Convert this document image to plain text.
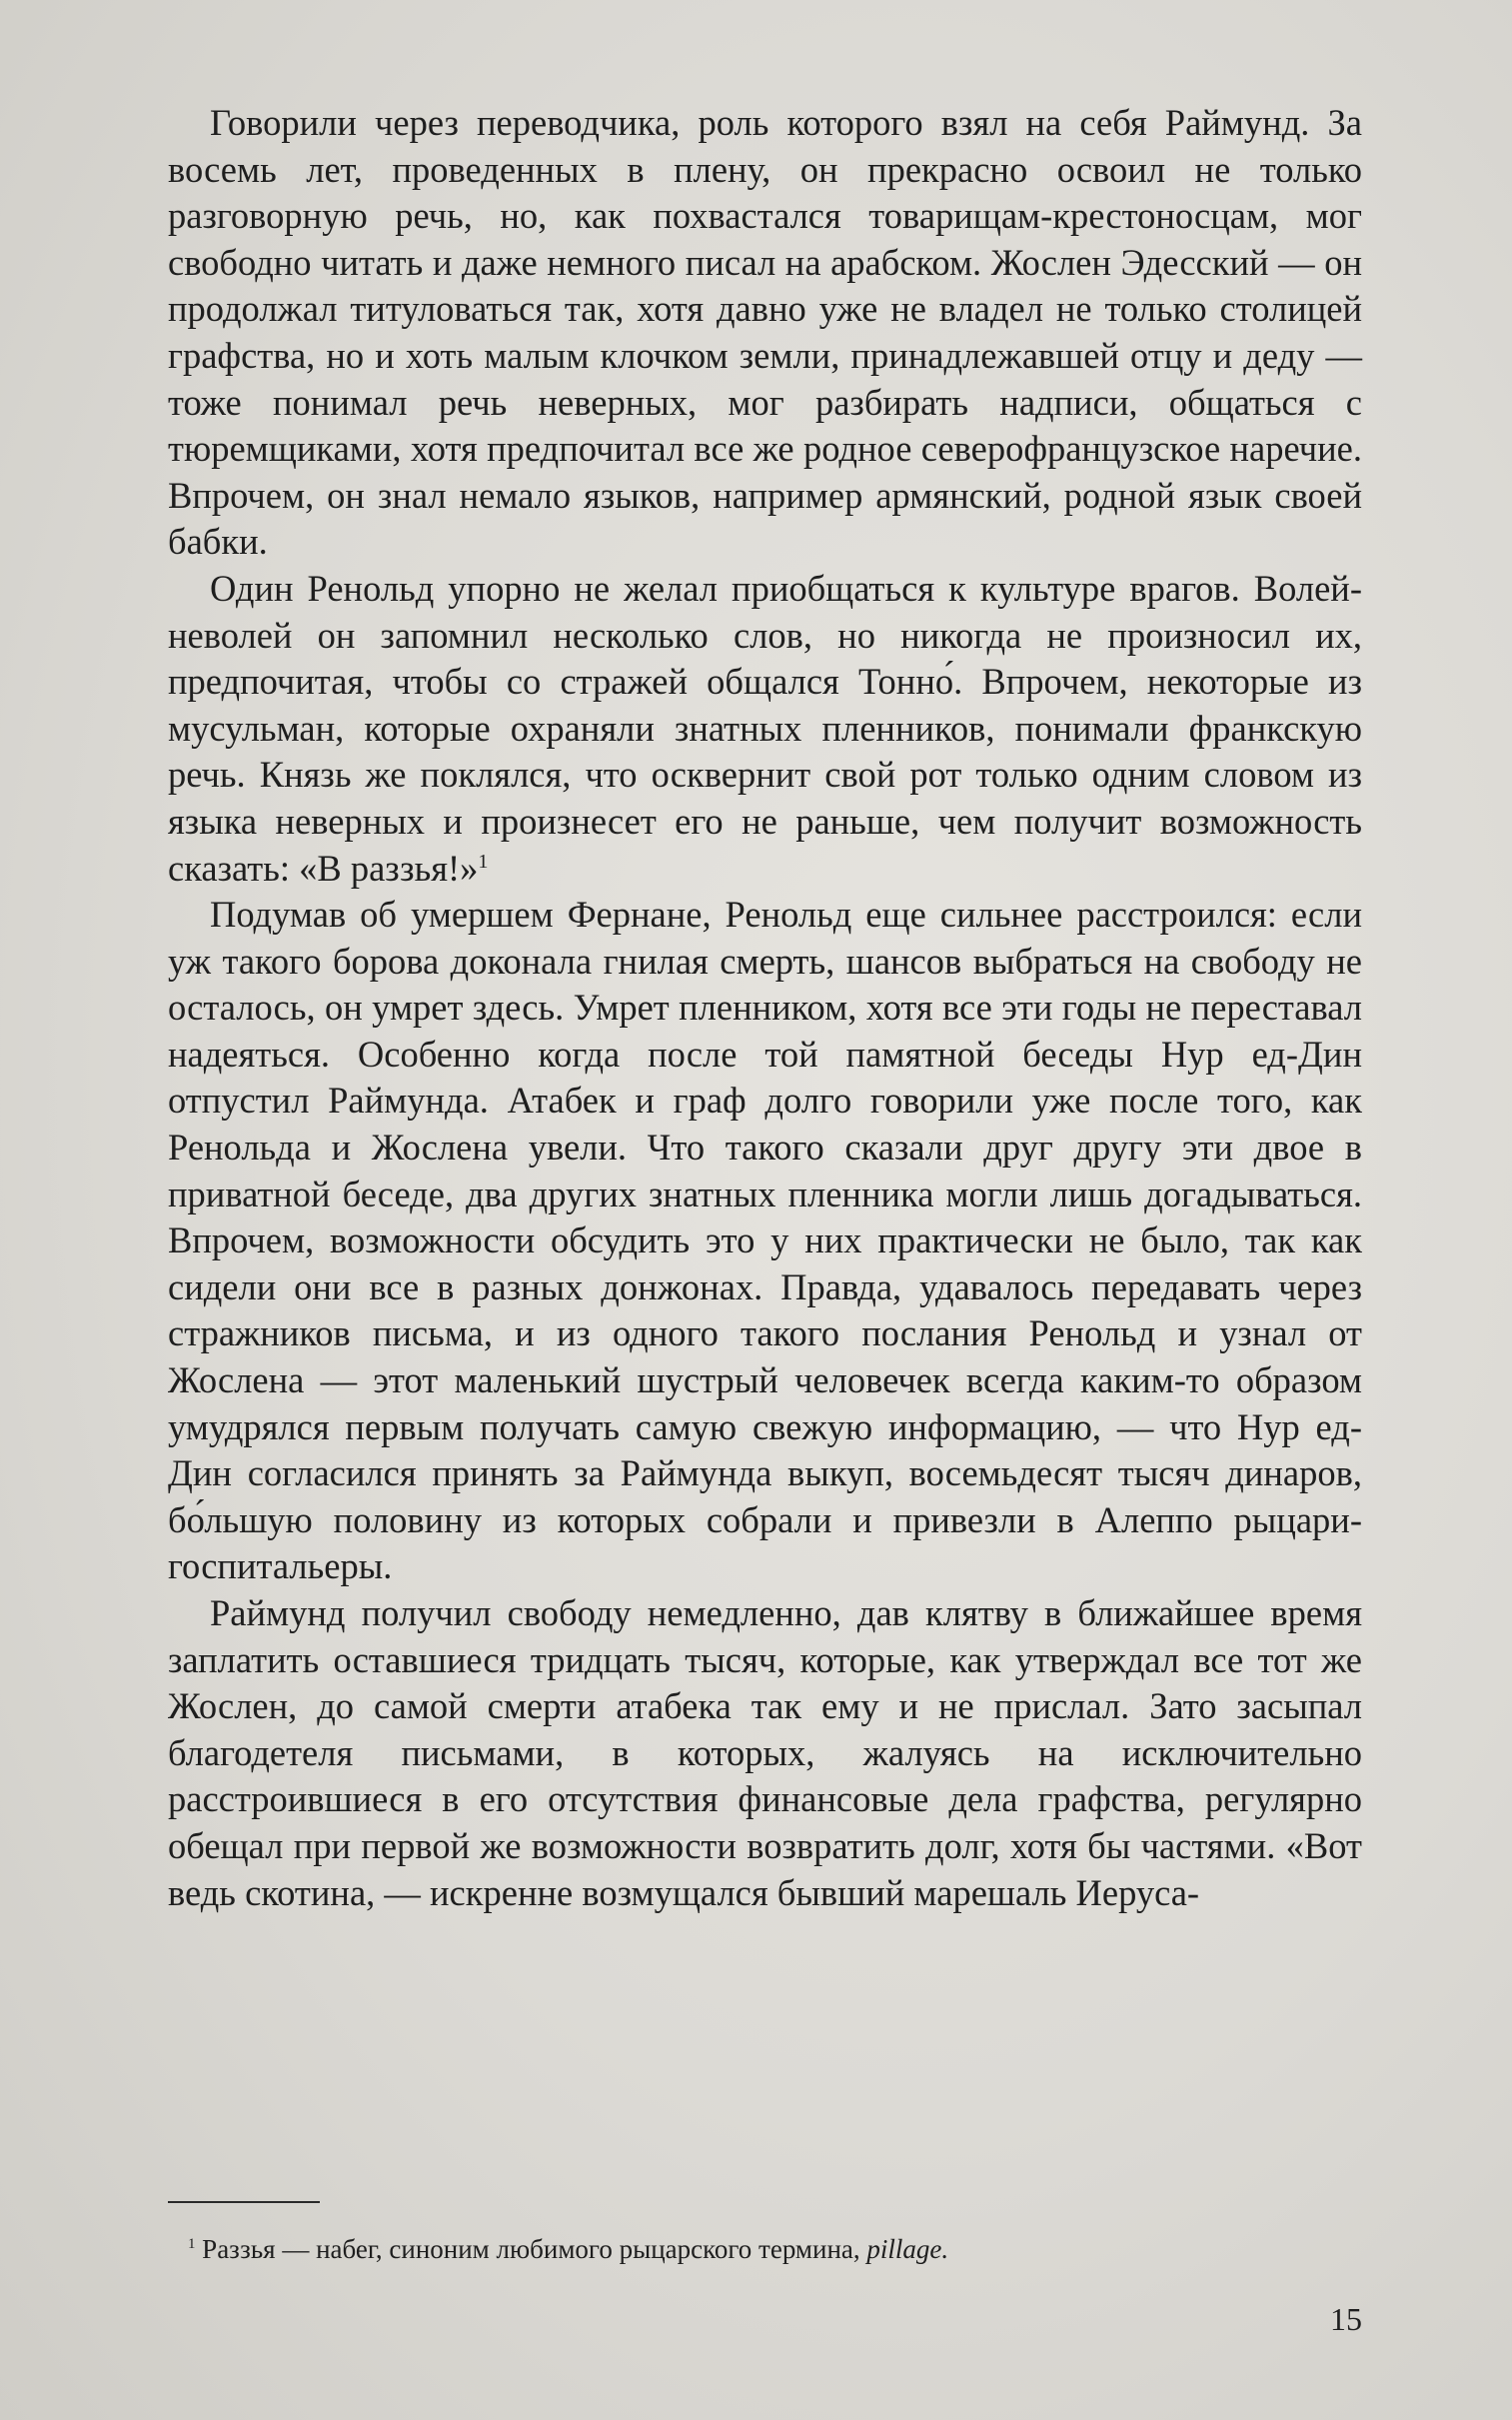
Говорили через переводчика, роль которого взял на себя Раймунд. За восемь лет, проведенных в плену, он прекрасно освоил не только разговорную речь, но, как похвастался товарищам-крестоносцам, мог свободно читать и даже немного писал на арабском. Жослен Эдесский — он продолжал титуловаться так, хотя давно уже не владел не только столицей графства, но и хоть малым клочком земли, принадлежавшей отцу и деду — тоже понимал речь неверных, мог разбирать надписи, общаться с тюремщиками, хотя предпочитал все же родное северофранцузское наречие. Впрочем, он знал немало языков, например армянский, родной язык своей бабки.

Один Ренольд упорно не желал приобщаться к культуре врагов. Волей-неволей он запомнил несколько слов, но никогда не произносил их, предпочитая, чтобы со стражей общался Тонно́. Впрочем, некоторые из мусульман, которые охраняли знатных пленников, понимали франкскую речь. Князь же поклялся, что осквернит свой рот только одним словом из языка неверных и произнесет его не раньше, чем получит возможность сказать: «В раззья!»$^1$

Подумав об умершем Фернане, Ренольд еще сильнее расстроился: если уж такого борова доконала гнилая смерть, шансов выбраться на свободу не осталось, он умрет здесь. Умрет пленником, хотя все эти годы не переставал надеяться. Особенно когда после той памятной беседы Нур ед-Дин отпустил Раймунда. Атабек и граф долго говорили уже после того, как Ренольда и Жослена увели. Что такого сказали друг другу эти двое в приватной беседе, два других знатных пленника могли лишь догадываться. Впрочем, возможности обсудить это у них практически не было, так как сидели они все в разных донжонах. Правда, удавалось передавать через стражников письма, и из одного такого послания Ренольд и узнал от Жослена — этот маленький шустрый человечек всегда каким-то образом умудрялся первым получать самую свежую информацию, — что Нур ед-Дин согласился принять за Раймунда выкуп, восемьдесят тысяч динаров, бо́льшую половину из которых собрали и привезли в Алеппо рыцари-госпитальеры.

Раймунд получил свободу немедленно, дав клятву в ближайшее время заплатить оставшиеся тридцать тысяч, которые, как утверждал все тот же Жослен, до самой смерти атабека так ему и не прислал. Зато засыпал благодетеля письмами, в которых, жалуясь на исключительно расстроившиеся в его отсутствия финансовые дела графства, регулярно обещал при первой же возможности возвратить долг, хотя бы частями. «Вот ведь скотина, — искренне возмущался бывший марешаль Иеруса-

$^1$ Раззья — набег, синоним любимого рыцарского термина, pillage.
15
